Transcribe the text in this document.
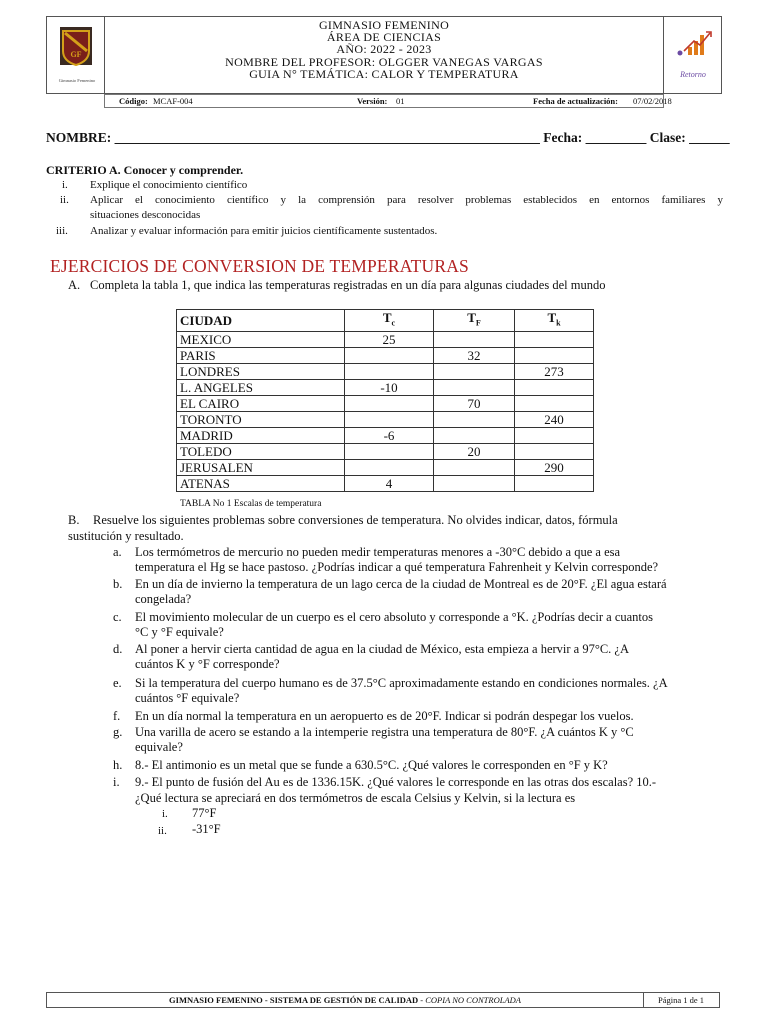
GF
Gimnasio Femenino
GIMNASIO FEMENINO
ÁREA DE CIENCIAS
AÑO: 2022 - 2023
NOMBRE DEL PROFESOR: OLGGER VANEGAS VARGAS
GUIA N° TEMÁTICA: CALOR Y TEMPERATURA	Retorno
Código: MCAF-004	Versión: 01	Fecha de actualización: 07/02/2018
NOMBRE: _______________________________________________________________ Fecha: _________ Clase: ______
CRITERIO A. Conocer y comprender.
i. Explique el conocimiento científico
ii. Aplicar el conocimiento científico y la comprensión para resolver problemas establecidos en entornos familiares y
situaciones desconocidas
iii. Analizar y evaluar información para emitir juicios científicamente sustentados.
EJERCICIOS DE CONVERSION DE TEMPERATURAS
A. Completa la tabla 1, que indica las temperaturas registradas en un día para algunas ciudades del mundo
CIUDAD	$T_c$	$T_F$	$T_k$
MEXICO	25		
PARIS		32	
LONDRES			273
L. ANGELES	-10		
EL CAIRO		70	
TORONTO			240
MADRID	-6		
TOLEDO		20	
JERUSALEN			290
ATENAS	4		
TABLA No 1 Escalas de temperatura
B. Resuelve los siguientes problemas sobre conversiones de temperatura. No olvides indicar, datos, fórmula
sustitución y resultado.
a. Los termómetros de mercurio no pueden medir temperaturas menores a -30°C debido a que a esa
temperatura el Hg se hace pastoso. ¿Podrías indicar a qué temperatura Fahrenheit y Kelvin corresponde?
b. En un día de invierno la temperatura de un lago cerca de la ciudad de Montreal es de 20°F. ¿El agua estará
congelada?
c. El movimiento molecular de un cuerpo es el cero absoluto y corresponde a °K. ¿Podrías decir a cuantos
°C y °F equivale?
d. Al poner a hervir cierta cantidad de agua en la ciudad de México, esta empieza a hervir a 97°C. ¿A
cuántos K y °F corresponde?
e. Si la temperatura del cuerpo humano es de 37.5°C aproximadamente estando en condiciones normales. ¿A
cuántos °F equivale?
f. En un día normal la temperatura en un aeropuerto es de 20°F. Indicar si podrán despegar los vuelos.
g. Una varilla de acero se estando a la intemperie registra una temperatura de 80°F. ¿A cuántos K y °C
equivale?
h. 8.- El antimonio es un metal que se funde a 630.5°C. ¿Qué valores le corresponden en °F y K?
i. 9.- El punto de fusión del Au es de 1336.15K. ¿Qué valores le corresponde en las otras dos escalas? 10.-
¿Qué lectura se apreciará en dos termómetros de escala Celsius y Kelvin, si la lectura es
i. 77°F
ii. -31°F
GIMNASIO FEMENINO - SISTEMA DE GESTIÓN DE CALIDAD - COPIA NO CONTROLADA	Página 1 de 1
